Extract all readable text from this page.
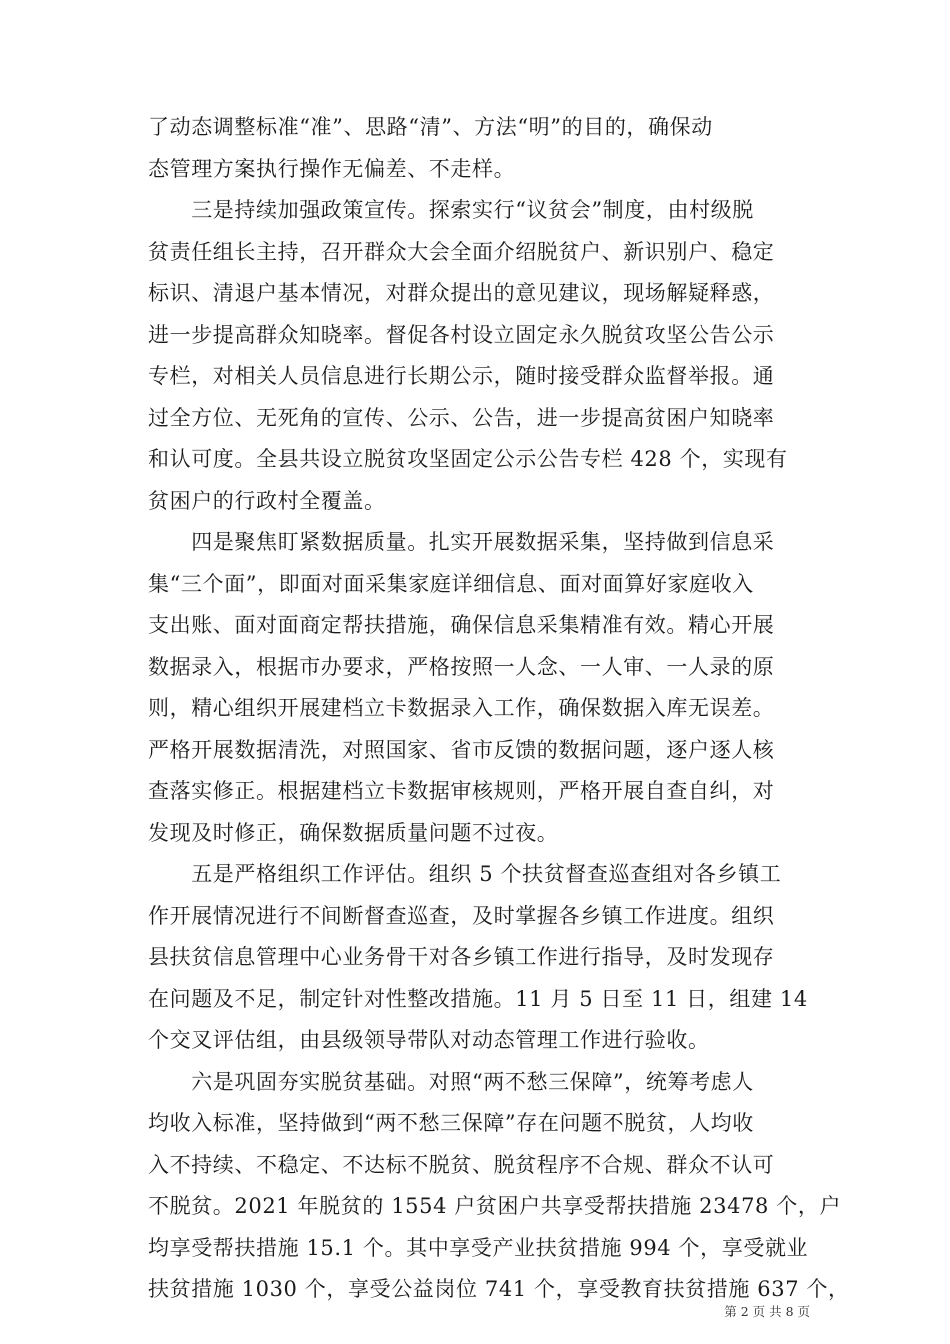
了动态调整标准“准”、思路“清”、方法“明”的目的，确保动
态管理方案执行操作无偏差、不走样。
　　三是持续加强政策宣传。探索实行“议贫会”制度，由村级脱
贫责任组长主持，召开群众大会全面介绍脱贫户、新识别户、稳定
标识、清退户基本情况，对群众提出的意见建议，现场解疑释惑，
进一步提高群众知晓率。督促各村设立固定永久脱贫攻坚公告公示
专栏，对相关人员信息进行长期公示，随时接受群众监督举报。通
过全方位、无死角的宣传、公示、公告，进一步提高贫困户知晓率
和认可度。全县共设立脱贫攻坚固定公示公告专栏 428 个，实现有
贫困户的行政村全覆盖。
　　四是聚焦盯紧数据质量。扎实开展数据采集，坚持做到信息采
集“三个面”，即面对面采集家庭详细信息、面对面算好家庭收入
支出账、面对面商定帮扶措施，确保信息采集精准有效。精心开展
数据录入，根据市办要求，严格按照一人念、一人审、一人录的原
则，精心组织开展建档立卡数据录入工作，确保数据入库无误差。
严格开展数据清洗，对照国家、省市反馈的数据问题，逐户逐人核
查落实修正。根据建档立卡数据审核规则，严格开展自查自纠，对
发现及时修正，确保数据质量问题不过夜。
　　五是严格组织工作评估。组织 5 个扶贫督查巡查组对各乡镇工
作开展情况进行不间断督查巡查，及时掌握各乡镇工作进度。组织
县扶贫信息管理中心业务骨干对各乡镇工作进行指导，及时发现存
在问题及不足，制定针对性整改措施。11 月 5 日至 11 日，组建 14
个交叉评估组，由县级领导带队对动态管理工作进行验收。
　　六是巩固夯实脱贫基础。对照“两不愁三保障”，统筹考虑人
均收入标准，坚持做到“两不愁三保障”存在问题不脱贫，人均收
入不持续、不稳定、不达标不脱贫、脱贫程序不合规、群众不认可
不脱贫。2021 年脱贫的 1554 户贫困户共享受帮扶措施 23478 个，户
均享受帮扶措施 15.1 个。其中享受产业扶贫措施 994 个，享受就业
扶贫措施 1030 个，享受公益岗位 741 个，享受教育扶贫措施 637 个，
第 2 页 共 8 页
